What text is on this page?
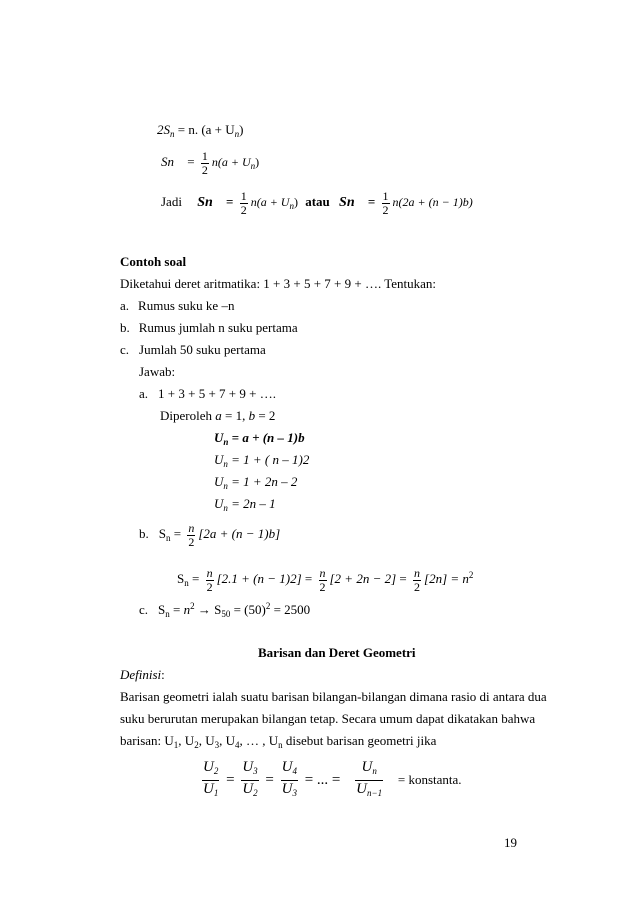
$2S_n = n$. $(a + U_n)$
$Sn = \frac{1}{2} n(a + U_n)$
Jadi $Sn = \frac{1}{2} n(a + U_n)$ atau $Sn = \frac{1}{2} n(2a + (n - 1)b)$
Contoh soal
Diketahui deret aritmatika: 1 + 3 + 5 + 7 + 9 + …. Tentukan:
a. Rumus suku ke –n
b. Rumus jumlah n suku pertama
c. Jumlah 50 suku pertama
Jawab:
a. 1 + 3 + 5 + 7 + 9 + ….
Diperoleh a = 1, b = 2
$U_n = a + (n - 1)b$
$U_n = 1$ + ( n – 1)2
$U_n = 1 + 2n - 2$
$U_n = 2n - 1$
b. $S_n = \frac{n}{2} [2a + (n - 1)b]$
$S_n = \frac{n}{2} [2.1 + (n - 1)2] = \frac{n}{2} [2 + 2n - 2] = \frac{n}{2} [2n] = n^2$
c. $S_n = n^2 \to S_{50} = (50)^2 = 2500$
Barisan dan Deret Geometri
Definisi:
Barisan geometri ialah suatu barisan bilangan-bilangan dimana rasio di antara dua
suku berurutan merupakan bilangan tetap. Secara umum dapat dikatakan bahwa
barisan: $U_1$, $U_2$, $U_3$, $U_4$, … , $U_n$ disebut barisan geometri jika
$\frac{U_2}{U_1} = \frac{U_3}{U_2} = \frac{U_4}{U_3}$ = ... = $\frac{U_n}{U_{n-1}}$ = konstanta.
19
